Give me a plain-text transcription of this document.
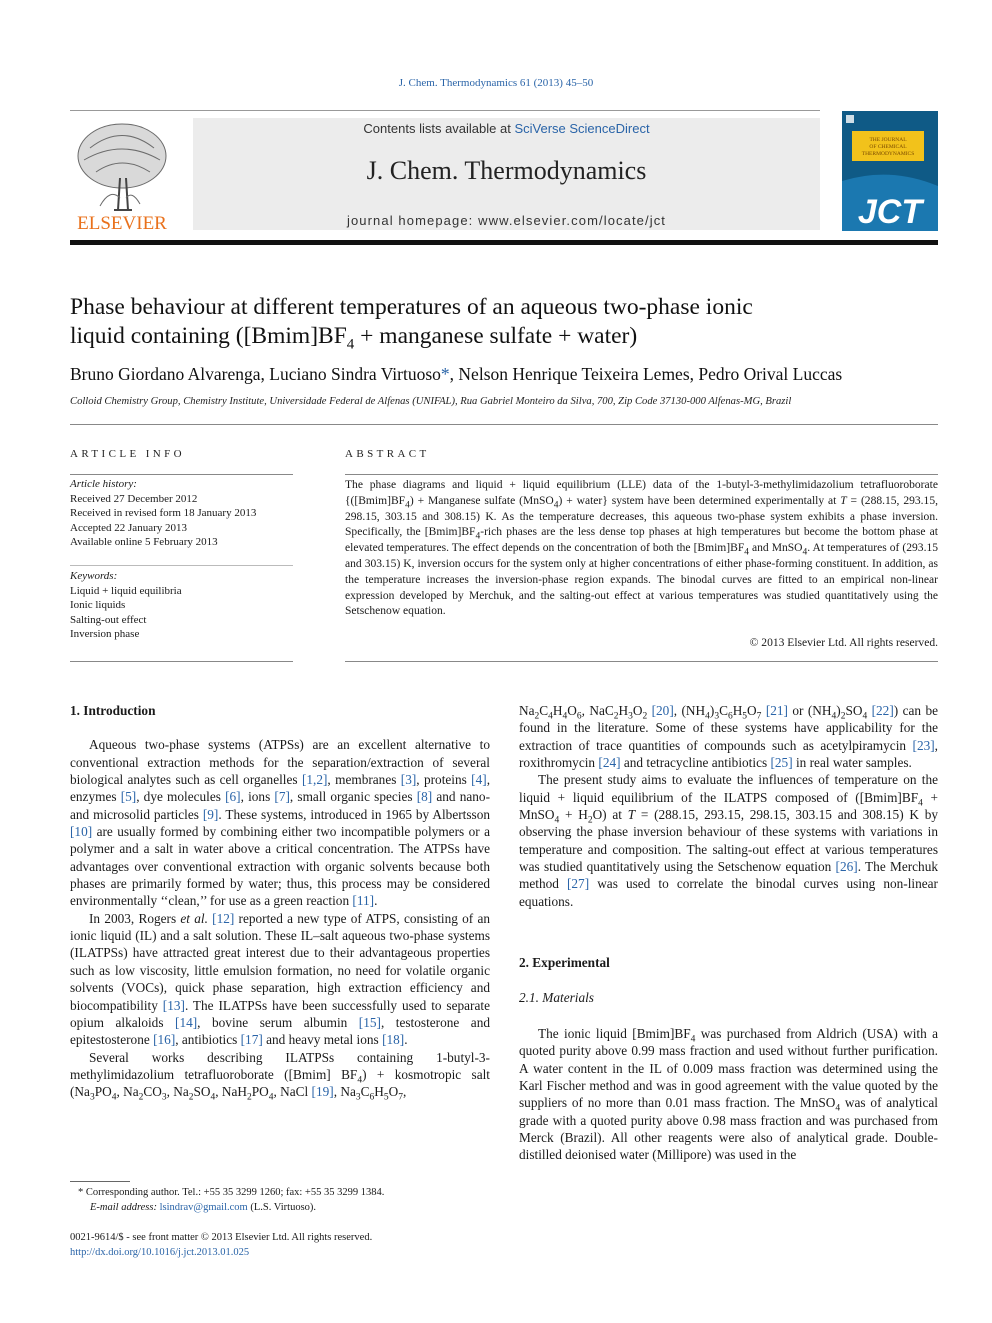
J. Chem. Thermodynamics 61 (2013) 45–50
ELSEVIER
Contents lists available at SciVerse ScienceDirect
J. Chem. Thermodynamics
journal homepage: www.elsevier.com/locate/jct
THE JOURNAL
OF CHEMICAL
THERMODYNAMICS
JCT
Phase behaviour at different temperatures of an aqueous two-phase ionic
liquid containing ($[Bmim]BF_4$ + manganese sulfate + water)
Bruno Giordano Alvarenga, Luciano Sindra Virtuoso*, Nelson Henrique Teixeira Lemes, Pedro Orival Luccas
Colloid Chemistry Group, Chemistry Institute, Universidade Federal de Alfenas (UNIFAL), Rua Gabriel Monteiro da Silva, 700, Zip Code 37130-000 Alfenas-MG, Brazil
ARTICLE INFO
Article history:
Received 27 December 2012
Received in revised form 18 January 2013
Accepted 22 January 2013
Available online 5 February 2013
Keywords:
Liquid + liquid equilibria
Ionic liquids
Salting-out effect
Inversion phase
ABSTRACT
The phase diagrams and liquid + liquid equilibrium (LLE) data of the 1-butyl-3-methylimidazolium tetrafluoroborate {$([Bmim]BF_4)$ + Manganese sulfate (MnSO$_4$) + water} system have been determined experimentally at T = (288.15, 293.15, 298.15, 303.15 and 308.15) K. As the temperature decreases, this aqueous two-phase system exhibits a phase inversion. Specifically, the $[Bmim]BF_4$-rich phases are the less dense top phases at high temperatures but become the bottom phase at elevated temperatures. The effect depends on the concentration of both the $[Bmim]BF_4$ and MnSO$_4$. At temperatures of (293.15 and 303.15) K, inversion occurs for the system only at higher concentrations of either phase-forming constituent. In addition, as the temperature increases the inversion-phase region expands. The binodal curves are fitted to an empirical non-linear expression developed by Merchuk, and the salting-out effect at various temperatures was studied quantitatively using the Setschenow equation.
© 2013 Elsevier Ltd. All rights reserved.
1. Introduction

Aqueous two-phase systems (ATPSs) are an excellent alternative to conventional extraction methods for the separation/extraction of several biological analytes such as cell organelles [1,2], membranes [3], proteins [4], enzymes [5], dye molecules [6], ions [7], small organic species [8] and nano- and microsolid particles [9]. These systems, introduced in 1965 by Albertsson [10] are usually formed by combining either two incompatible polymers or a polymer and a salt in water above a critical concentration. The ATPSs have advantages over conventional extraction with organic solvents because both phases are primarily formed by water; thus, this process may be considered environmentally ‘‘clean,’’ for use as a green reaction [11].

In 2003, Rogers et al. [12] reported a new type of ATPS, consisting of an ionic liquid (IL) and a salt solution. These IL–salt aqueous two-phase systems (ILATPSs) have attracted great interest due to their advantageous properties such as low viscosity, little emulsion formation, no need for volatile organic solvents (VOCs), quick phase separation, high extraction efficiency and biocompatibility [13]. The ILATPSs have been successfully used to separate opium alkaloids [14], bovine serum albumin [15], testosterone and epitestosterone [16], antibiotics [17] and heavy metal ions [18].

Several works describing ILATPSs containing 1-butyl-3-methylimidazolium tetrafluoroborate ([Bmim] $BF_4$) + kosmotropic salt ($Na_3PO_4$, $Na_2CO_3$, $Na_2SO_4$, $NaH_2PO_4$, NaCl [19], $Na_3C_6H_5O_7$,

$Na_2C_4H_4O_6$, $NaC_2H_3O_2$ [20], $(NH_4)_3C_6H_5O_7$ [21] or $(NH_4)_2SO_4$ [22]) can be found in the literature. Some of these systems have applicability for the extraction of trace quantities of compounds such as acetylpiramycin [23], roxithromycin [24] and tetracycline antibiotics [25] in real water samples.

The present study aims to evaluate the influences of temperature on the liquid + liquid equilibrium of the ILATPS composed of ($[Bmim]BF_4$ + MnSO$_4$ + $H_2O$) at T = (288.15, 293.15, 298.15, 303.15 and 308.15) K by observing the phase inversion behaviour of these systems with variations in temperature and composition. The salting-out effect at various temperatures was studied quantitatively using the Setschenow equation [26]. The Merchuk method [27] was used to correlate the binodal curves using non-linear equations.

2. Experimental
2.1. Materials

The ionic liquid $[Bmim]BF_4$ was purchased from Aldrich (USA) with a quoted purity above 0.99 mass fraction and used without further purification. A water content in the IL of 0.009 mass fraction was determined using the Karl Fischer method and was in good agreement with the value quoted by the suppliers of no more than 0.01 mass fraction. The MnSO$_4$ was of analytical grade with a quoted purity above 0.98 mass fraction and was purchased from Merck (Brazil). All other reagents were also of analytical grade. Double-distilled deionised water (Millipore) was used in the

* Corresponding author. Tel.: +55 35 3299 1260; fax: +55 35 3299 1384.
E-mail address: lsindrav@gmail.com (L.S. Virtuoso).
0021-9614/$ - see front matter © 2013 Elsevier Ltd. All rights reserved.
http://dx.doi.org/10.1016/j.jct.2013.01.025
